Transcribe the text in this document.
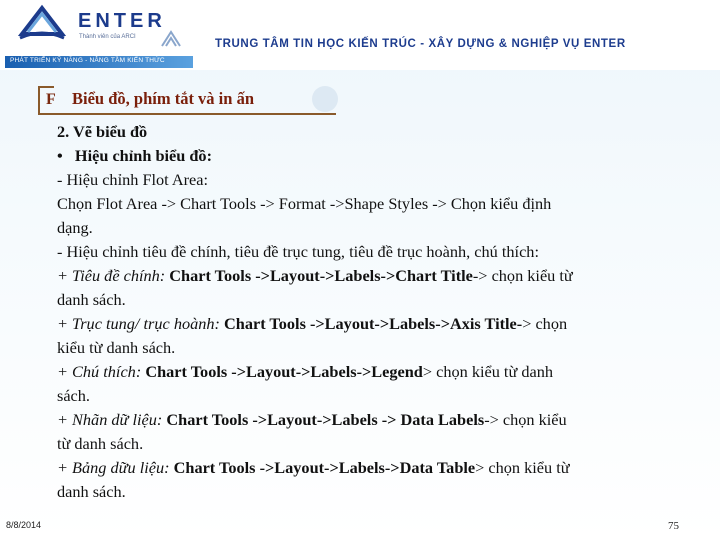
ENTER
Thành viên của ARCI
TRUNG TÂM TIN HỌC KIẾN TRÚC - XÂY DỰNG & NGHIỆP VỤ ENTER
PHÁT TRIỂN KỸ NĂNG - NÂNG TẦM KIẾN THỨC
F Biểu đồ, phím tắt và in ấn
2. Vẽ biểu đồ
• Hiệu chỉnh biểu đồ:
- Hiệu chỉnh Flot Area:
Chọn Flot Area -> Chart Tools -> Format ->Shape Styles -> Chọn kiểu định
dạng.
- Hiệu chỉnh tiêu đề chính, tiêu đề trục tung, tiêu đề trục hoành, chú thích:
+ Tiêu đề chính: Chart Tools ->Layout->Labels->Chart Title-> chọn kiểu từ
danh sách.
+ Trục tung/ trục hoành: Chart Tools ->Layout->Labels->Axis Title-> chọn
kiểu từ danh sách.
+ Chú thích: Chart Tools ->Layout->Labels->Legend> chọn kiểu từ danh
sách.
+ Nhãn dữ liệu: Chart Tools ->Layout->Labels -> Data Labels-> chọn kiểu
từ danh sách.
+ Bảng dữu liệu: Chart Tools ->Layout->Labels->Data Table> chọn kiểu từ
danh sách.
8/8/2014	75
